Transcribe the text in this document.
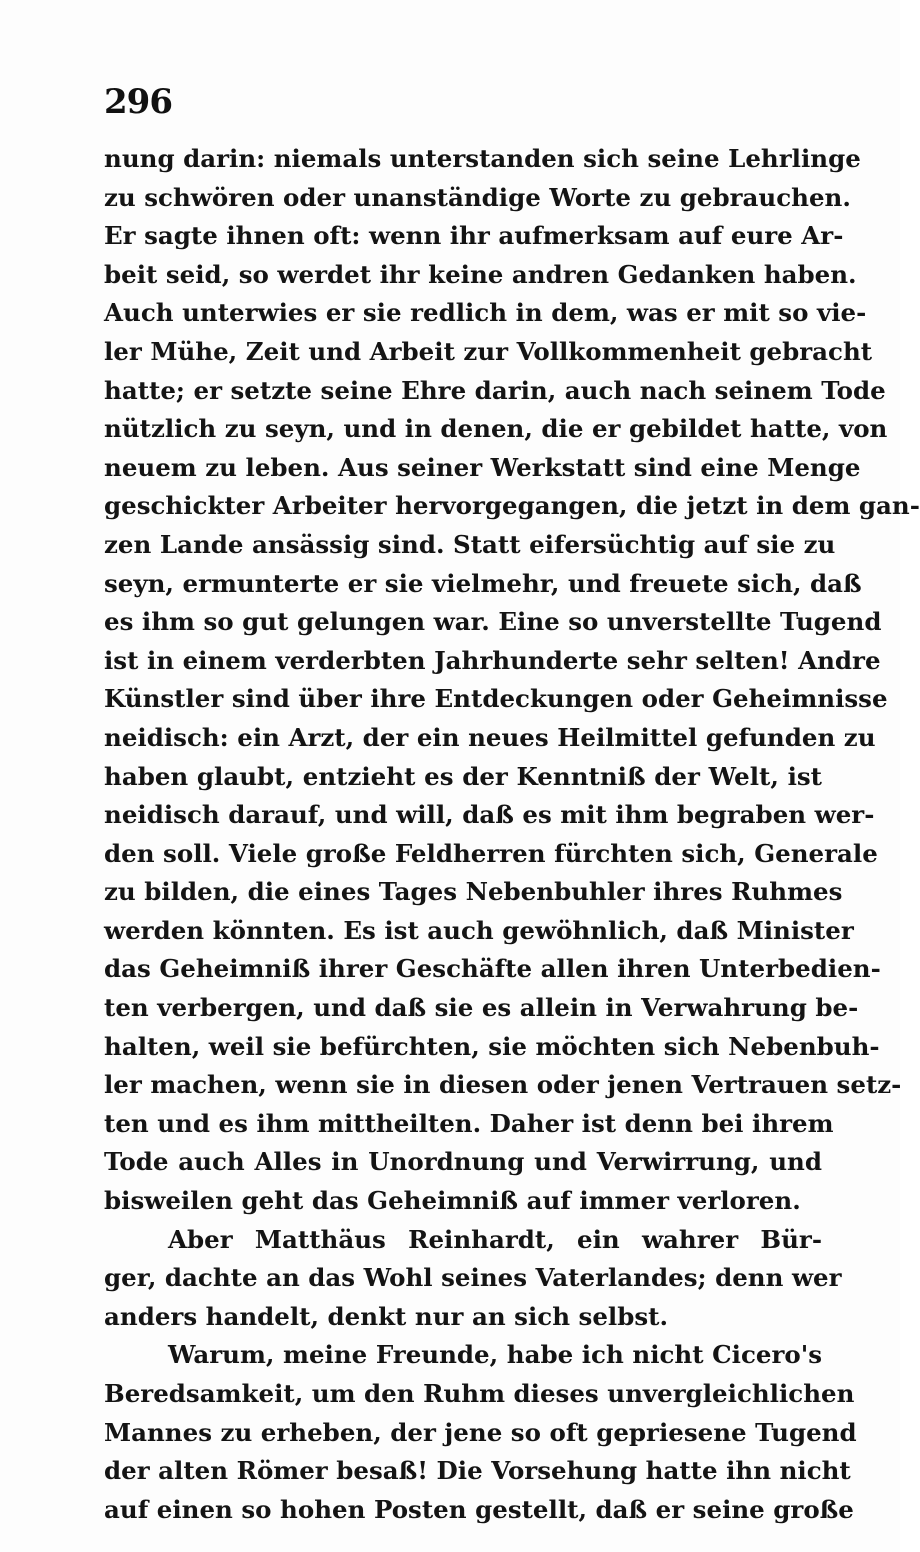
296
nung darin: niemals unterstanden sich seine Lehrlinge
zu schwören oder unanständige Worte zu gebrauchen.
Er sagte ihnen oft: wenn ihr aufmerksam auf eure Ar-
beit seid, so werdet ihr keine andren Gedanken haben.
Auch unterwies er sie redlich in dem, was er mit so vie-
ler Mühe, Zeit und Arbeit zur Vollkommenheit gebracht
hatte; er setzte seine Ehre darin, auch nach seinem Tode
nützlich zu seyn, und in denen, die er gebildet hatte, von
neuem zu leben. Aus seiner Werkstatt sind eine Menge
geschickter Arbeiter hervorgegangen, die jetzt in dem gan-
zen Lande ansässig sind. Statt eifersüchtig auf sie zu
seyn, ermunterte er sie vielmehr, und freuete sich, daß
es ihm so gut gelungen war. Eine so unverstellte Tugend
ist in einem verderbten Jahrhunderte sehr selten! Andre
Künstler sind über ihre Entdeckungen oder Geheimnisse
neidisch: ein Arzt, der ein neues Heilmittel gefunden zu
haben glaubt, entzieht es der Kenntniß der Welt, ist
neidisch darauf, und will, daß es mit ihm begraben wer-
den soll. Viele große Feldherren fürchten sich, Generale
zu bilden, die eines Tages Nebenbuhler ihres Ruhmes
werden könnten. Es ist auch gewöhnlich, daß Minister
das Geheimniß ihrer Geschäfte allen ihren Unterbedien-
ten verbergen, und daß sie es allein in Verwahrung be-
halten, weil sie befürchten, sie möchten sich Nebenbuh-
ler machen, wenn sie in diesen oder jenen Vertrauen setz-
ten und es ihm mittheilten. Daher ist denn bei ihrem
Tode auch Alles in Unordnung und Verwirrung, und
bisweilen geht das Geheimniß auf immer verloren.
Aber Matthäus Reinhardt, ein wahrer Bür-
ger, dachte an das Wohl seines Vaterlandes; denn wer
anders handelt, denkt nur an sich selbst.
Warum, meine Freunde, habe ich nicht Cicero's
Beredsamkeit, um den Ruhm dieses unvergleichlichen
Mannes zu erheben, der jene so oft gepriesene Tugend
der alten Römer besaß! Die Vorsehung hatte ihn nicht
auf einen so hohen Posten gestellt, daß er seine große
